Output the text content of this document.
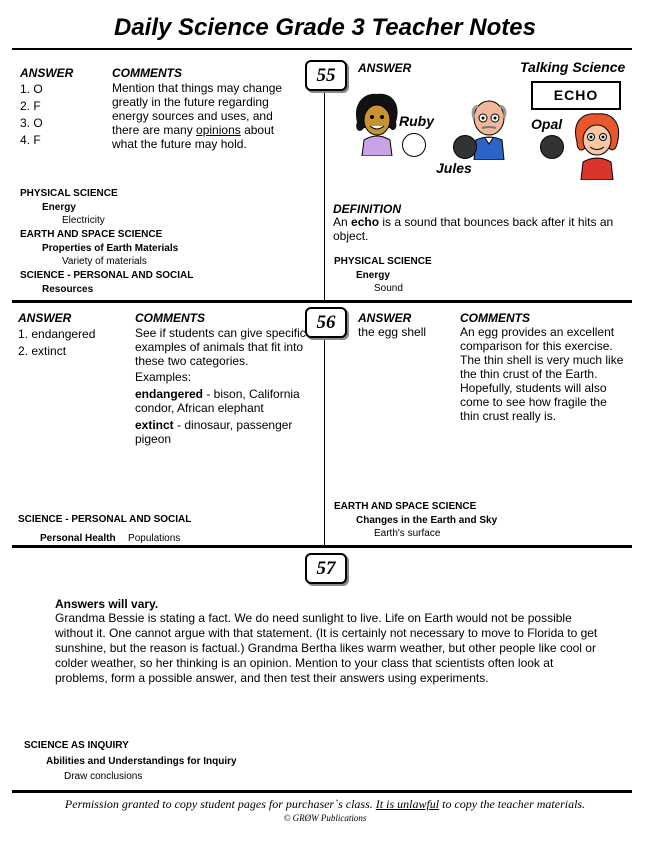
Daily Science Grade 3 Teacher Notes
55
ANSWER
1. O
2. F
3. O
4. F
COMMENTS
Mention that things may change greatly in the future regarding energy sources and uses, and there are many opinions about what the future may hold.
PHYSICAL SCIENCE
Energy
Electricity
EARTH AND SPACE SCIENCE
Properties of Earth Materials
Variety of materials
SCIENCE - PERSONAL AND SOCIAL
Resources
ANSWER	Talking Science
ECHO
Ruby
Jules
Opal
DEFINITION
An echo is a sound that bounces back after it hits an object.
PHYSICAL SCIENCE
Energy
Sound
56
ANSWER
1. endangered
2. extinct
COMMENTS
See if students can give specific examples of animals that fit into these two categories.
Examples:
endangered - bison, California condor, African elephant
extinct - dinosaur, passenger pigeon
SCIENCE - PERSONAL AND SOCIAL
Personal Health Populations
ANSWER
the egg shell
COMMENTS
An egg provides an excellent comparison for this exercise. The thin shell is very much like the thin crust of the Earth. Hopefully, students will also come to see how fragile the thin crust really is.
EARTH AND SPACE SCIENCE
Changes in the Earth and Sky
Earth's surface
57
Answers will vary.
Grandma Bessie is stating a fact. We do need sunlight to live. Life on Earth would not be possible without it. One cannot argue with that statement. (It is certainly not necessary to move to Florida to get sunshine, but the reason is factual.) Grandma Bertha likes warm weather, but other people like cool or colder weather, so her thinking is an opinion. Mention to your class that scientists often look at problems, form a possible answer, and then test their answers using experiments.
SCIENCE AS INQUIRY
Abilities and Understandings for Inquiry
Draw conclusions
Permission granted to copy student pages for purchaser`s class. It is unlawful to copy the teacher materials.
© GRØW Publications
